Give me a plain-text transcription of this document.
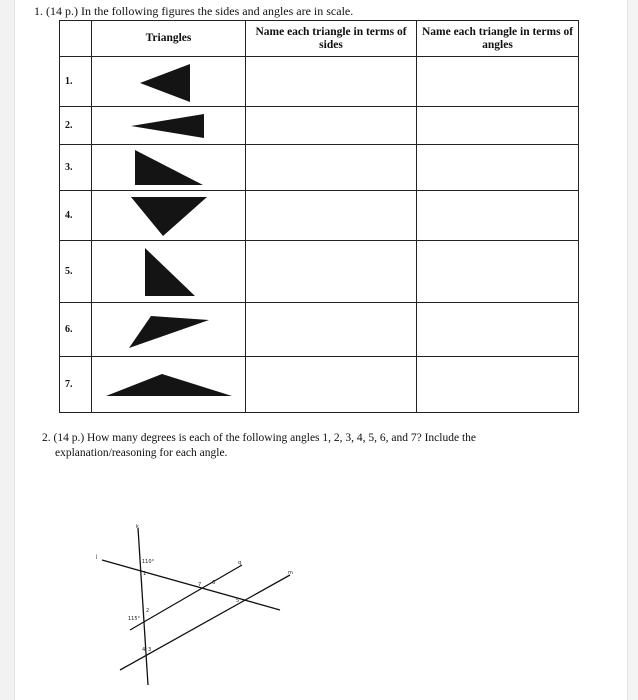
1. (14 p.) In the following figures the sides and angles are in scale.
	Triangles	Name each triangle in terms of sides	Name each triangle in terms of angles
1.	

2.	

3.	

4.	

5.	

6.	

7.	

2. (14 p.) How many degrees is each of the following angles 1, 2, 3, 4, 5, 6, and 7? Include the
explanation/reasoning for each angle.
k
j
q
m
110°
115°
1
2
3
4
5
6
7
